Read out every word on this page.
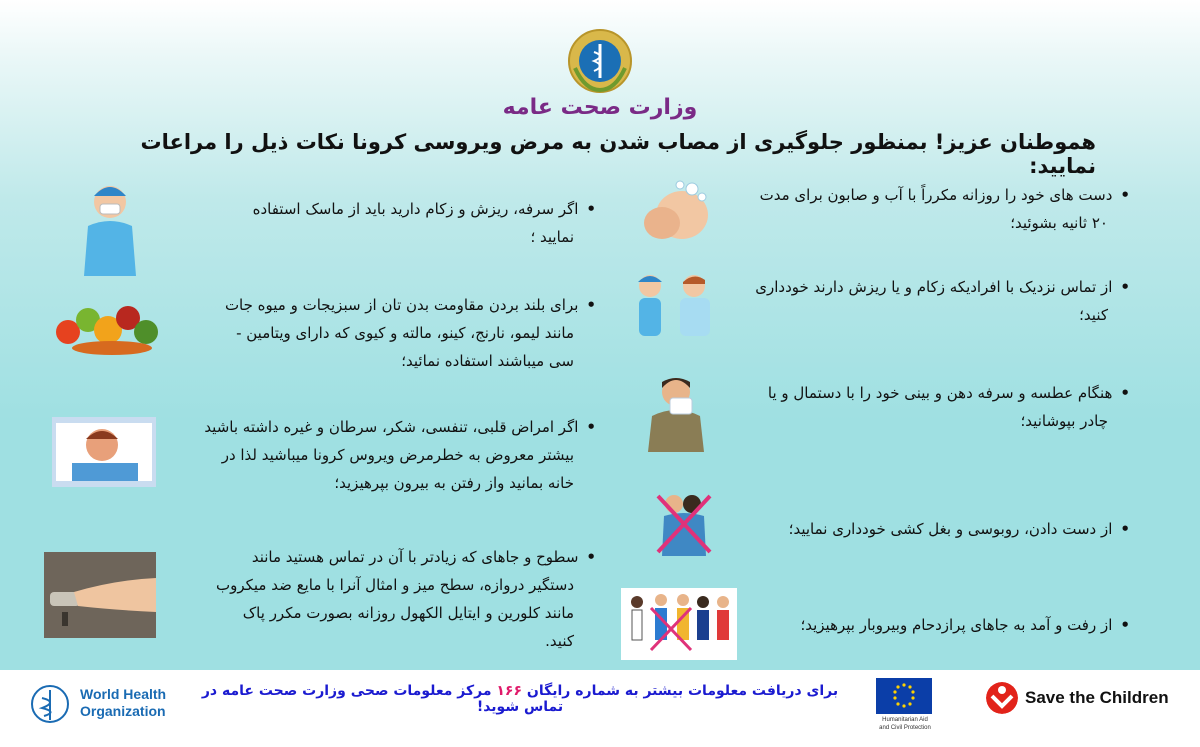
وزارت صحت عامه
هموطنان عزیز! بمنظور جلوگیری از مصاب شدن به مرض ویروسی کرونا نکات ذیل را مراعات نمایید:
•دست های خود را روزانه مکرراً با آب و صابون برای مدت
۲۰ ثانیه بشوئید؛
•از تماس نزدیک با افرادیکه زکام و یا ریزش دارند خودداری
کنید؛
•هنگام عطسه و سرفه دهن و بینی خود را با دستمال و یا
چادر بپوشانید؛
•از دست دادن، روبوسی و بغل کشی خودداری نمایید؛
•از رفت و آمد به جاهای پرازدحام وبیروبار بپرهیزید؛
•اگر سرفه، ریزش و زکام دارید باید از ماسک استفاده
نمایید ؛
•برای بلند بردن مقاومت بدن تان از سبزیجات و میوه جات
مانند لیمو، نارنج، کینو، مالته و کیوی که دارای ویتامین -
سی میباشند استفاده نمائید؛
•اگر امراض قلبی، تنفسی، شکر، سرطان و غیره داشته باشید
بیشتر معروض به خطرمرض ویروس کرونا میباشید لذا در
خانه بمانید واز رفتن به بیرون بپرهیزید؛
•سطوح و جاهای که زیادتر با آن در تماس هستید مانند
دستگیر دروازه، سطح میز و امثال آنرا با مایع ضد میکروب
مانند کلورین و ایتایل الکهول روزانه بصورت مکرر پاک
کنید.
World Health
Organization
برای دریافت معلومات بیشتر به شماره رایگان ۱۶۶ مرکز معلومات صحی وزارت صحت عامه در تماس شوید!
Humanitarian Aid
and Civil Protection
Save the Children
